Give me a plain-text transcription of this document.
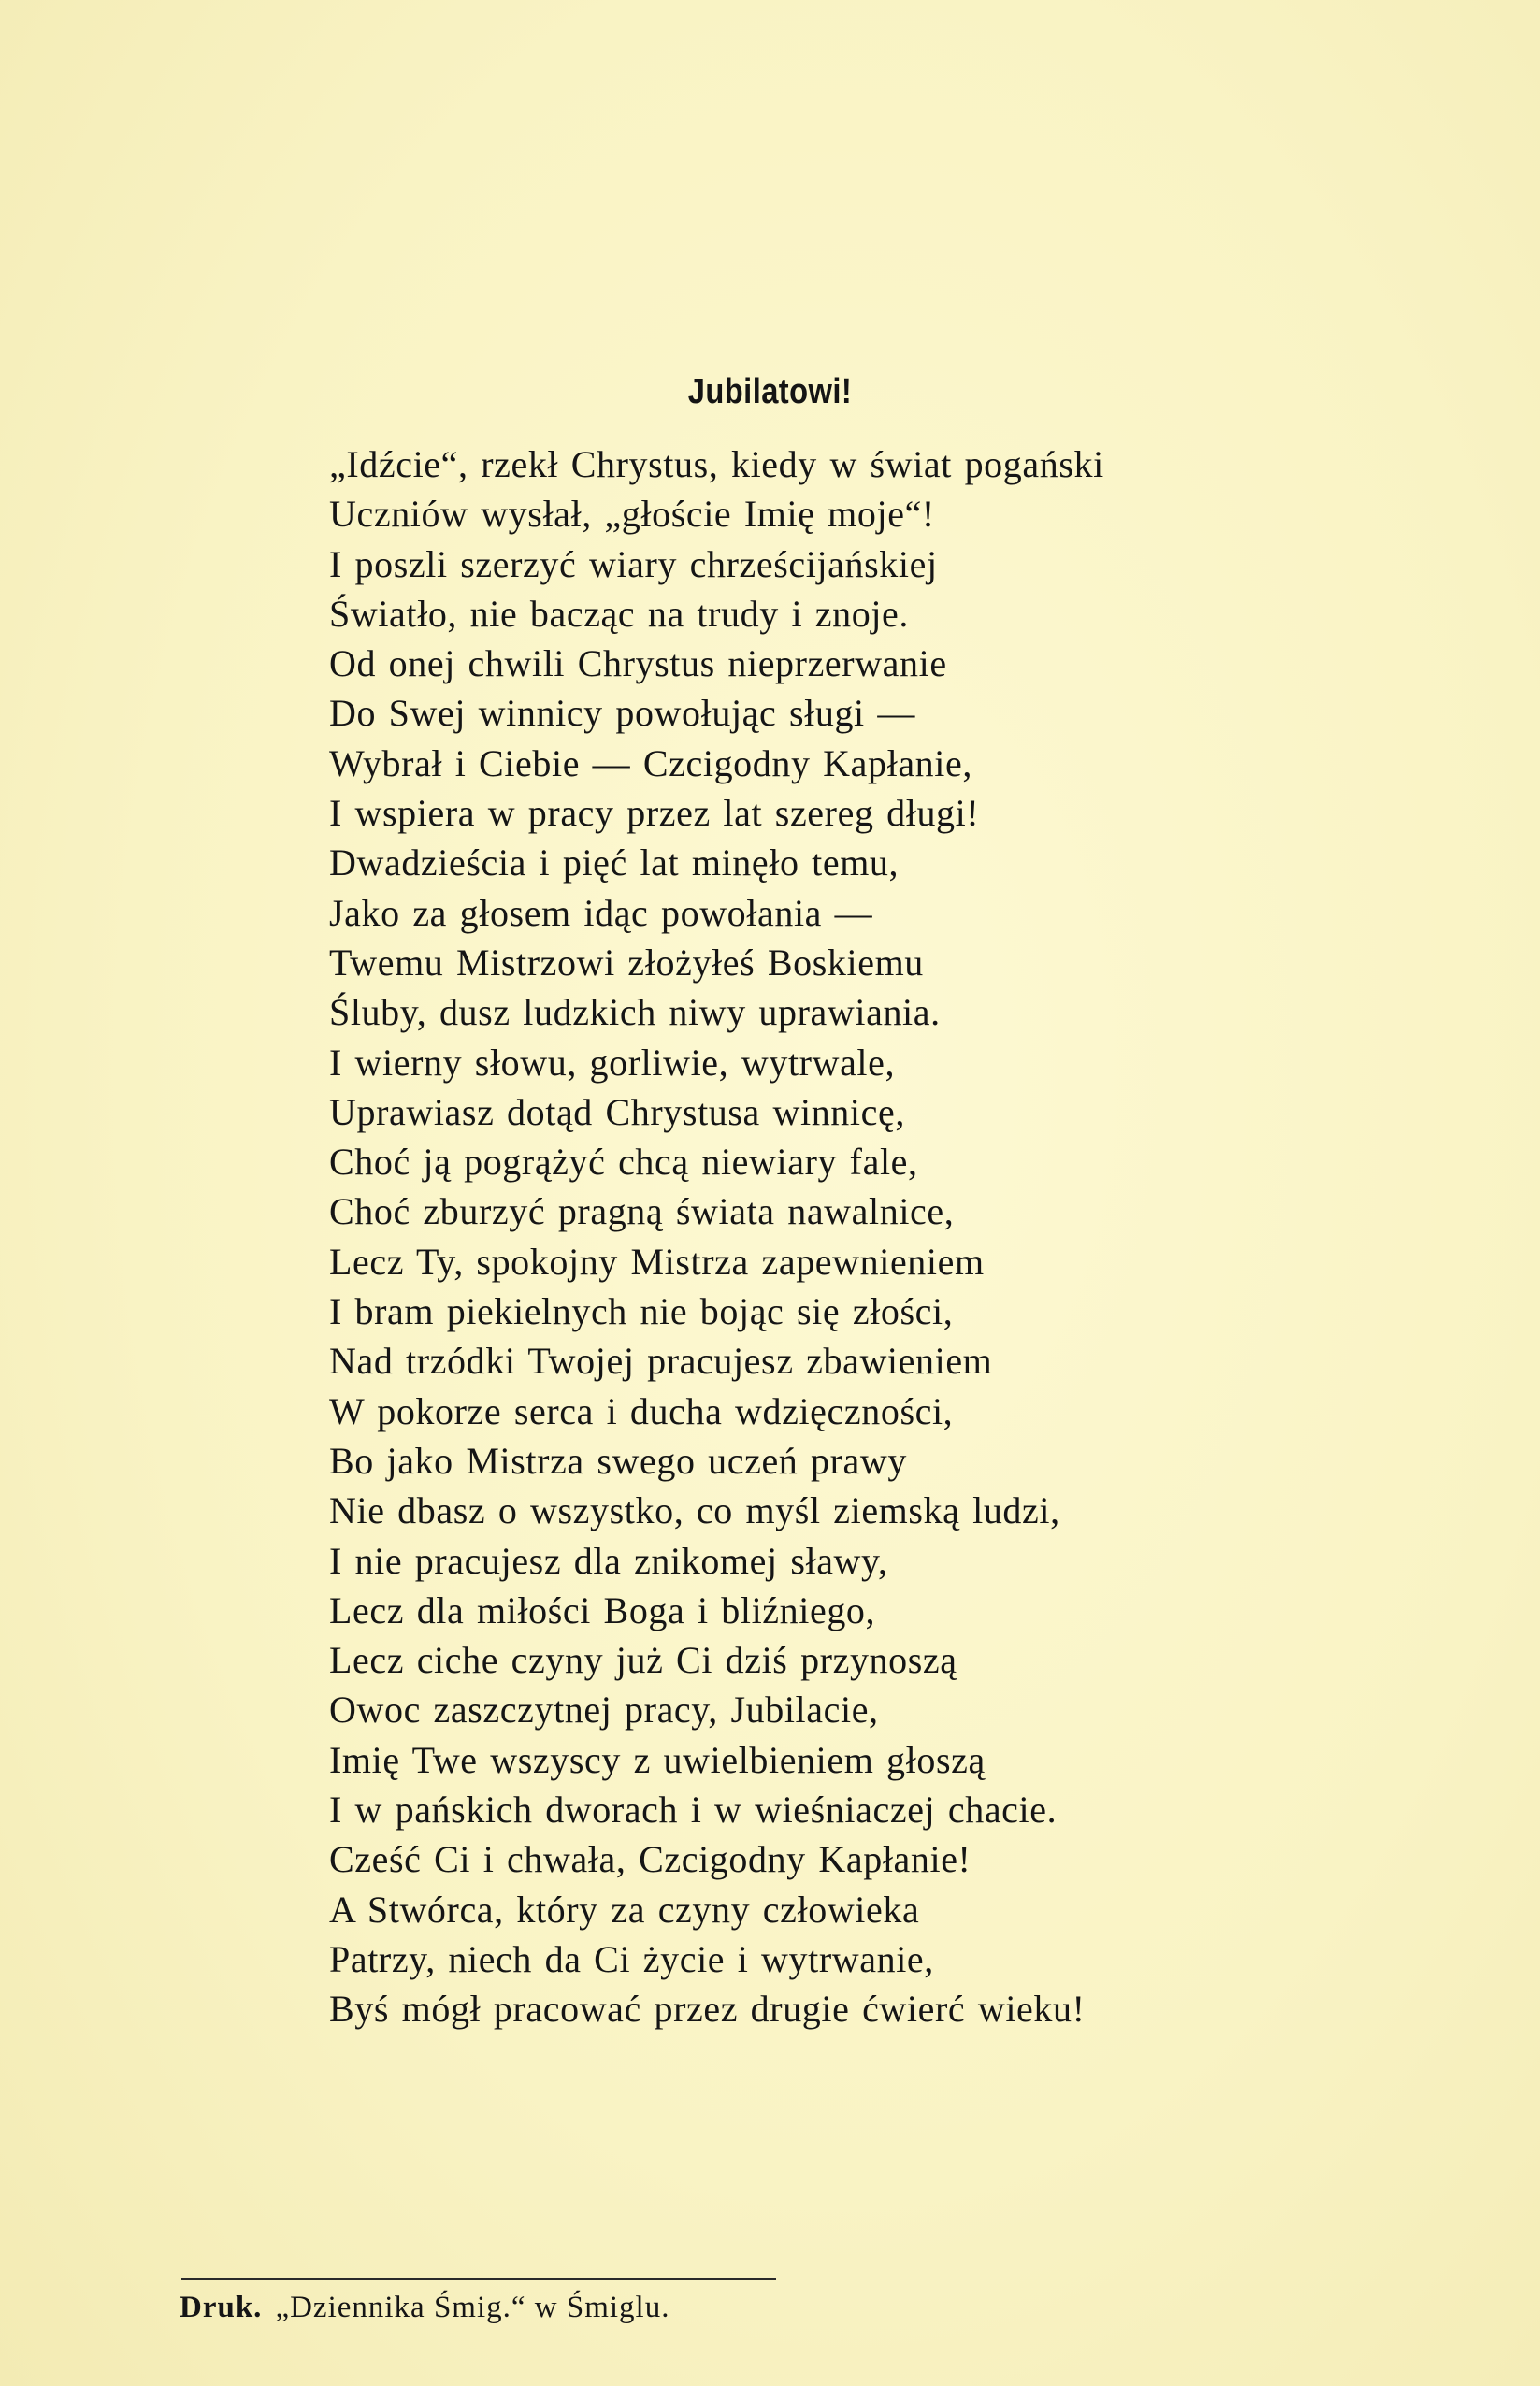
Jubilatowi!
„Idźcie“, rzekł Chrystus, kiedy w świat pogański
Uczniów wysłał, „głoście Imię moje“!
I poszli szerzyć wiary chrześcijańskiej
Światło, nie bacząc na trudy i znoje.
Od onej chwili Chrystus nieprzerwanie
Do Swej winnicy powołując sługi —
Wybrał i Ciebie — Czcigodny Kapłanie,
I wspiera w pracy przez lat szereg długi!
Dwadzieścia i pięć lat minęło temu,
Jako za głosem idąc powołania —
Twemu Mistrzowi złożyłeś Boskiemu
Śluby, dusz ludzkich niwy uprawiania.
I wierny słowu, gorliwie, wytrwale,
Uprawiasz dotąd Chrystusa winnicę,
Choć ją pogrążyć chcą niewiary fale,
Choć zburzyć pragną świata nawalnice,
Lecz Ty, spokojny Mistrza zapewnieniem
I bram piekielnych nie bojąc się złości,
Nad trzódki Twojej pracujesz zbawieniem
W pokorze serca i ducha wdzięczności,
Bo jako Mistrza swego uczeń prawy
Nie dbasz o wszystko, co myśl ziemską ludzi,
I nie pracujesz dla znikomej sławy,
Lecz dla miłości Boga i bliźniego,
Lecz ciche czyny już Ci dziś przynoszą
Owoc zaszczytnej pracy, Jubilacie,
Imię Twe wszyscy z uwielbieniem głoszą
I w pańskich dworach i w wieśniaczej chacie.
Cześć Ci i chwała, Czcigodny Kapłanie!
A Stwórca, który za czyny człowieka
Patrzy, niech da Ci życie i wytrwanie,
Byś mógł pracować przez drugie ćwierć wieku!
Druk. „Dziennika Śmig.“ w Śmiglu.
